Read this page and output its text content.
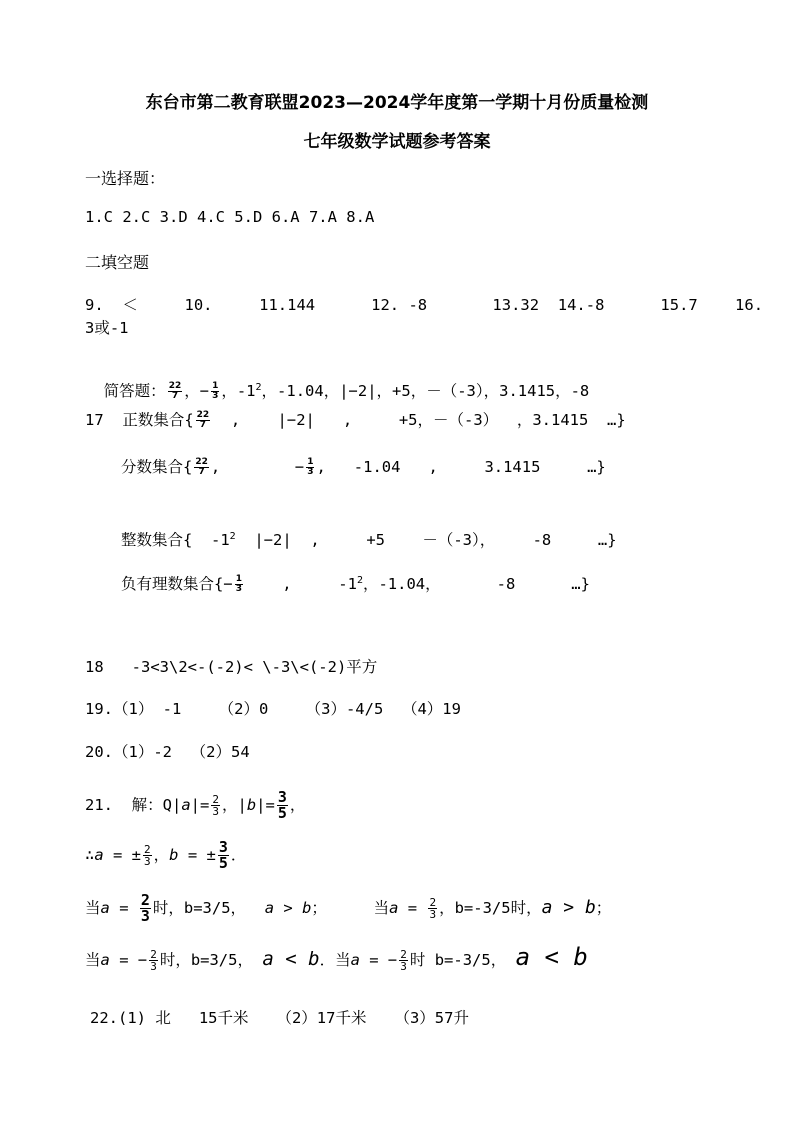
东台市第二教育联盟2023—2024学年度第一学期十月份质量检测
七年级数学试题参考答案
一选择题：
1.C 2.C 3.D 4.C 5.D 6.A 7.A 8.A
二填空题
9.  ＜     10.     11.144      12. -8       13.32  14.-8      15.7    16.
3或-1

简答题： $\frac{22}{7}$ ，− $\frac{1}{3}$ ，$-1^2$，-1.04，|−2|，+5，－（-3），3.1415，-8

17  正数集合{ $\frac{22}{7}$ ,    |−2|   ,     +5，－（-3）  ，3.1415  …}
分数集合{ $\frac{22}{7}$ ,        − $\frac{1}{3}$ ,   -1.04   ,     3.1415     …}
整数集合{  $-1^2$  |−2|  ,     +5    －（-3），    -8     …}
负有理数集合{− $\frac{1}{3}$ ,     $-1^2$，-1.04，      -8      …}
18   -3<3\2<-(-2)< \-3\<(-2)平方
19.（1） -1    （2）0    （3）-4/5  （4）19
20.（1）-2  （2）54
21.  解：$Q|a|= \frac{2}{3}$ ，$|b|= \frac{3}{5}$ ，
∴a = ± $\frac{2}{3}$ ，b = ± $\frac{3}{5}$ ．
当$a = \frac{2}{3}$ 时，b=3/5， a > b；	当$a = \frac{2}{3}$ ，b=-3/5时，a > b；
当a = − $\frac{2}{3}$ 时，b=3/5， a < b．当a = − $\frac{2}{3}$ 时 b=-3/5， a < b
22.(1) 北   15千米   （2）17千米   （3）57升
